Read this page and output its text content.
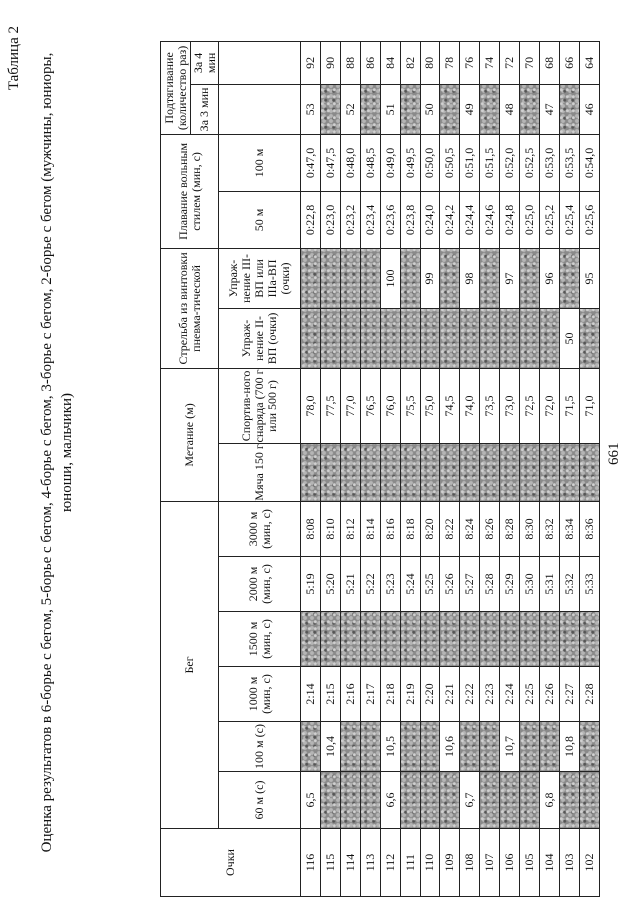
Таблица 2 Оценка результатов в 6-борье с бегом, 5-борье с бегом, 4-борье с бегом, 3-борье с бегом, 2-борье с бегом (мужчины, юниоры, юноши, мальчики)
Очки	Бег						Метание (м)		Стрельба из винтовки пневма-тической		Плавание вольным стилем (мин, с)		Подтягивание (количество раз)	
													За 3 мин	За 4 мин
	60 м (с)	100 м (с)	1000 м (мин, с)	1500 м (мин, с)	2000 м (мин, с)	3000 м (мин, с)	Мяча 150 г	Спортив-ного снаряда (700 г или 500 г)	Упраж-нение II-ВП (очки)	Упраж-нение III-ВП или IIIa-ВП (очки)	50 м	100 м		
116	6,5		2:14		5:19	8:08		78,0			0:22,8	0:47,0	53	92
115		10,4	2:15		5:20	8:10		77,5			0:23,0	0:47,5		90
114			2:16		5:21	8:12		77,0			0:23,2	0:48,0	52	88
113			2:17		5:22	8:14		76,5			0:23,4	0:48,5		86
112	6,6	10,5	2:18		5:23	8:16		76,0		100	0:23,6	0:49,0	51	84
111			2:19		5:24	8:18		75,5			0:23,8	0:49,5		82
110			2:20		5:25	8:20		75,0		99	0:24,0	0:50,0	50	80
109		10,6	2:21		5:26	8:22		74,5			0:24,2	0:50,5		78
108	6,7		2:22		5:27	8:24		74,0		98	0:24,4	0:51,0	49	76
107			2:23		5:28	8:26		73,5			0:24,6	0:51,5		74
106		10,7	2:24		5:29	8:28		73,0		97	0:24,8	0:52,0	48	72
105			2:25		5:30	8:30		72,5			0:25,0	0:52,5		70
104	6,8		2:26		5:31	8:32		72,0		96	0:25,2	0:53,0	47	68
103		10,8	2:27		5:32	8:34		71,5	50		0:25,4	0:53,5		66
102			2:28		5:33	8:36		71,0		95	0:25,6	0:54,0	46	64
661
